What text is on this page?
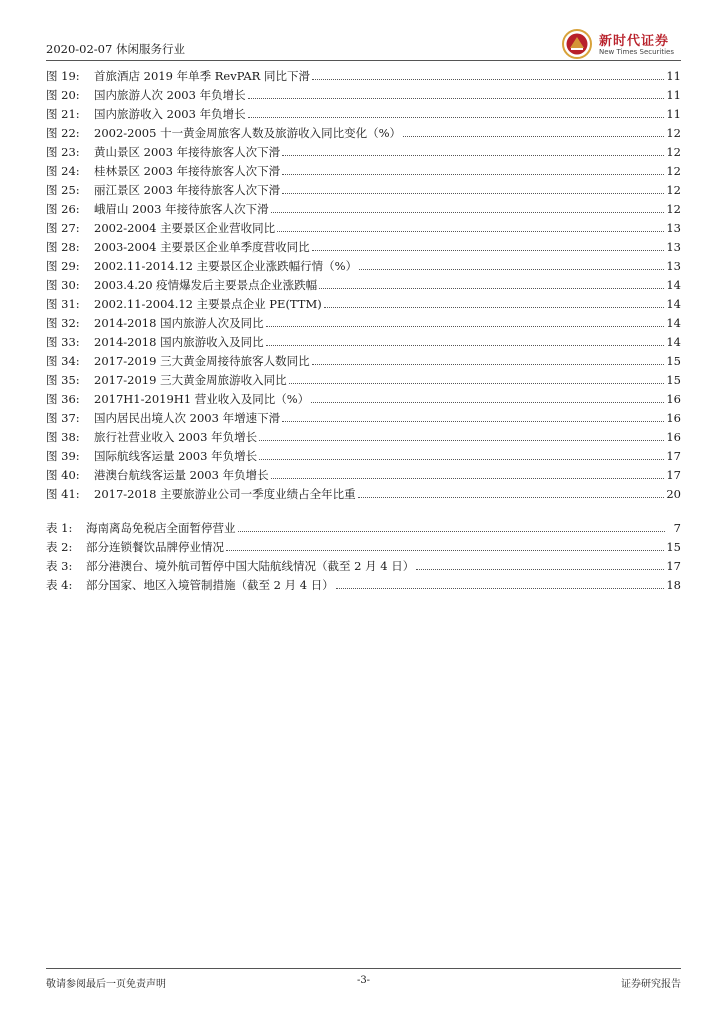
2020-02-07 休闲服务行业	新时代证券
New Times Securities
图 19:	首旅酒店 2019 年单季 RevPAR 同比下滑	11
图 20:	国内旅游人次 2003 年负增长	11
图 21:	国内旅游收入 2003 年负增长	11
图 22:	2002-2005 十一黄金周旅客人数及旅游收入同比变化（%）	12
图 23:	黄山景区 2003 年接待旅客人次下滑	12
图 24:	桂林景区 2003 年接待旅客人次下滑	12
图 25:	丽江景区 2003 年接待旅客人次下滑	12
图 26:	峨眉山 2003 年接待旅客人次下滑	12
图 27:	2002-2004 主要景区企业营收同比	13
图 28:	2003-2004 主要景区企业单季度营收同比	13
图 29:	2002.11-2014.12 主要景区企业涨跌幅行情（%）	13
图 30:	2003.4.20 疫情爆发后主要景点企业涨跌幅	14
图 31:	2002.11-2004.12 主要景点企业 PE(TTM)	14
图 32:	2014-2018 国内旅游人次及同比	14
图 33:	2014-2018 国内旅游收入及同比	14
图 34:	2017-2019 三大黄金周接待旅客人数同比	15
图 35:	2017-2019 三大黄金周旅游收入同比	15
图 36:	2017H1-2019H1 营业收入及同比（%）	16
图 37:	国内居民出境人次 2003 年增速下滑	16
图 38:	旅行社营业收入 2003 年负增长	16
图 39:	国际航线客运量 2003 年负增长	17
图 40:	港澳台航线客运量 2003 年负增长	17
图 41:	2017-2018 主要旅游业公司一季度业绩占全年比重	20
表 1:	海南离岛免税店全面暂停营业	7
表 2:	部分连锁餐饮品牌停业情况	15
表 3:	部分港澳台、境外航司暂停中国大陆航线情况（截至 2 月 4 日）	17
表 4:	部分国家、地区入境管制措施（截至 2 月 4 日）	18
敬请参阅最后一页免责声明	-3-	证券研究报告
